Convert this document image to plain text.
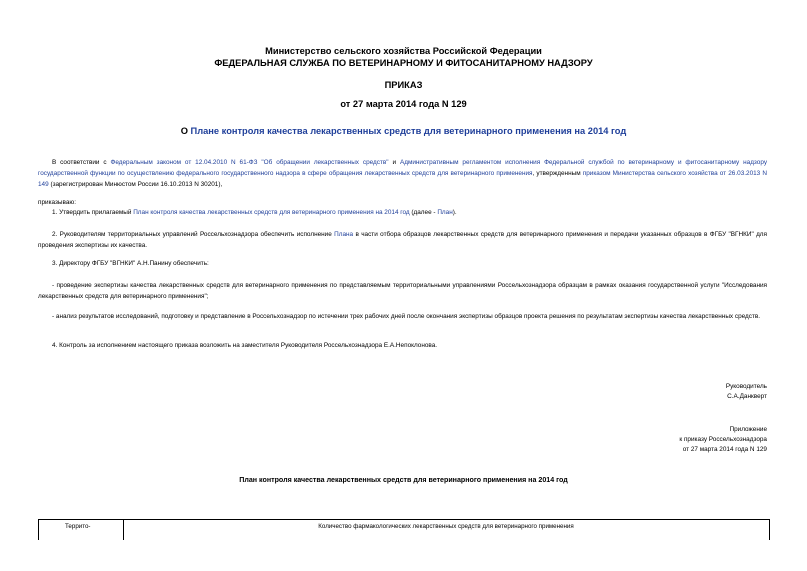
Министерство сельского хозяйства Российской Федерации
ФЕДЕРАЛЬНАЯ СЛУЖБА ПО ВЕТЕРИНАРНОМУ И ФИТОСАНИТАРНОМУ НАДЗОРУ
ПРИКАЗ
от 27 марта 2014 года N 129
О Плане контроля качества лекарственных средств для ветеринарного применения на 2014 год
В соответствии с Федеральным законом от 12.04.2010 N 61-ФЗ "Об обращении лекарственных средств" и Административным регламентом исполнения Федеральной службой по ветеринарному и фитосанитарному надзору государственной функции по осуществлению федерального государственного надзора в сфере обращения лекарственных средств для ветеринарного применения, утвержденным приказом Министерства сельского хозяйства от 26.03.2013 N 149 (зарегистрирован Минюстом России 16.10.2013 N 30201),
приказываю:
1. Утвердить прилагаемый План контроля качества лекарственных средств для ветеринарного применения на 2014 год (далее - План).
2. Руководителям территориальных управлений Россельхознадзора обеспечить исполнение Плана в части отбора образцов лекарственных средств для ветеринарного применения и передачи указанных образцов в ФГБУ "ВГНКИ" для проведения экспертизы их качества.
3. Директору ФГБУ "ВГНКИ" А.Н.Панину обеспечить:
- проведение экспертизы качества лекарственных средств для ветеринарного применения по представляемым территориальными управлениями Россельхознадзора образцам в рамках оказания государственной услуги "Исследования лекарственных средств для ветеринарного применения";
- анализ результатов исследований, подготовку и представление в Россельхознадзор по истечении трех рабочих дней после окончания экспертизы образцов проекта решения по результатам экспертизы качества лекарственных средств.
4. Контроль за исполнением настоящего приказа возложить на заместителя Руководителя Россельхознадзора Е.А.Непоклонова.
Руководитель
С.А.Данкверт
Приложение
к приказу Россельхознадзора
от 27 марта 2014 года N 129
План контроля качества лекарственных средств для ветеринарного применения на 2014 год
Террито-	Количество фармакологических лекарственных средств для ветеринарного применения
